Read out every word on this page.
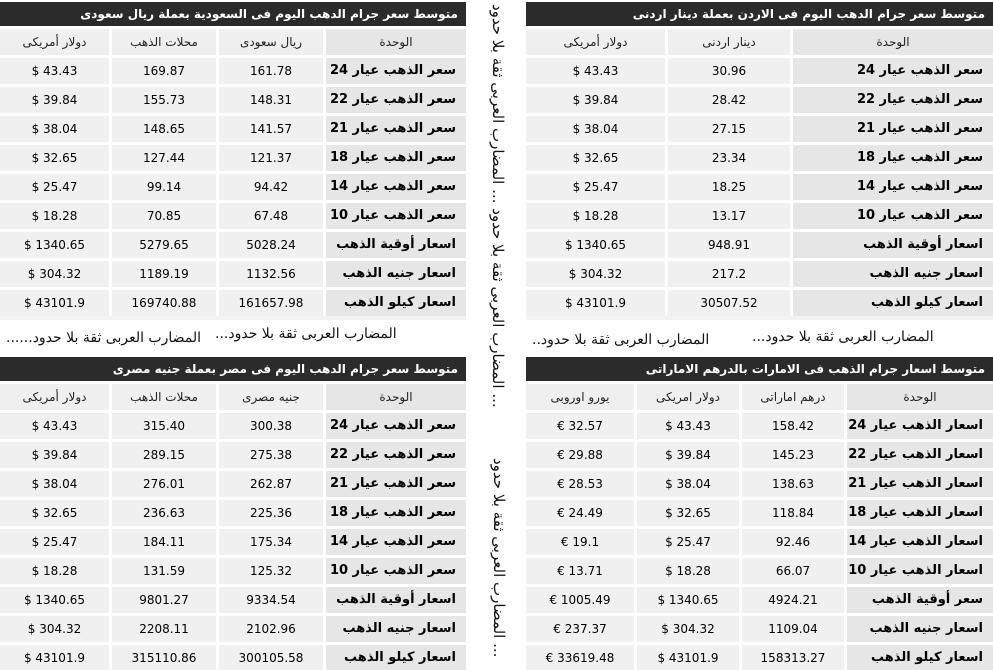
متوسط سعر جرام الدهب اليوم فى السعودية بعملة ريال سعودى
الوحدة
ريال سعودى
محلات الذهب
دولار أمريكى
سعر الذهب عيار 24
161.78
169.87
$ 43.43
سعر الذهب عيار 22
148.31
155.73
$ 39.84
سعر الذهب عيار 21
141.57
148.65
$ 38.04
سعر الذهب عيار 18
121.37
127.44
$ 32.65
سعر الذهب عيار 14
94.42
99.14
$ 25.47
سعر الذهب عيار 10
67.48
70.85
$ 18.28
اسعار أوقية الذهب
5028.24
5279.65
$ 1340.65
اسعار جنيه الذهب
1132.56
1189.19
$ 304.32
اسعار كيلو الذهب
161657.98
169740.88
$ 43101.9
متوسط سعر جرام الدهب اليوم فى الاردن بعملة دينار اردنى
الوحدة
دينار اردنى
دولار أمريكى
سعر الذهب عيار 24
30.96
$ 43.43
سعر الذهب عيار 22
28.42
$ 39.84
سعر الذهب عيار 21
27.15
$ 38.04
سعر الذهب عيار 18
23.34
$ 32.65
سعر الذهب عيار 14
18.25
$ 25.47
سعر الذهب عيار 10
13.17
$ 18.28
اسعار أوقية الذهب
948.91
$ 1340.65
اسعار جنيه الذهب
217.2
$ 304.32
اسعار كيلو الذهب
30507.52
$ 43101.9
متوسط سعر جرام الدهب اليوم فى مصر بعملة جنيه مصرى
الوحدة
جنيه مصرى
محلات الذهب
دولار أمريكى
سعر الذهب عيار 24
300.38
315.40
$ 43.43
سعر الذهب عيار 22
275.38
289.15
$ 39.84
سعر الذهب عيار 21
262.87
276.01
$ 38.04
سعر الذهب عيار 18
225.36
236.63
$ 32.65
سعر الذهب عيار 14
175.34
184.11
$ 25.47
سعر الذهب عيار 10
125.32
131.59
$ 18.28
اسعار أوقية الذهب
9334.54
9801.27
$ 1340.65
اسعار جنيه الذهب
2102.96
2208.11
$ 304.32
اسعار كيلو الذهب
300105.58
315110.86
$ 43101.9
متوسط اسعار جرام الذهب فى الامارات بالدرهم الاماراتى
الوحدة
درهم اماراتى
دولار امريكى
يورو اوروبى
اسعار الذهب عيار 24
158.42
$ 43.43
€ 32.57
اسعار الذهب عيار 22
145.23
$ 39.84
€ 29.88
اسعار الذهب عيار 21
138.63
$ 38.04
€ 28.53
اسعار الذهب عيار 18
118.84
$ 32.65
€ 24.49
اسعار الذهب عيار 14
92.46
$ 25.47
€ 19.1
اسعار الذهب عيار 10
66.07
$ 18.28
€ 13.71
سعر أوقية الذهب
4924.21
$ 1340.65
€ 1005.49
اسعار جنيه الذهب
1109.04
$ 304.32
€ 237.37
اسعار كيلو الذهب
158313.27
$ 43101.9
€ 33619.48
المضارب العربى ثقة بلا حدود...
المضارب العربى ثقة بلا حدود......	المضارب العربى ثقة بلا حدود...
المضارب العربى ثقة بلا حدود..
المضارب العربى ثقة بلا حدود ... المضارب العربى ثقة بلا حدود ...
المضارب العربى ثقة بلا حدود ...
